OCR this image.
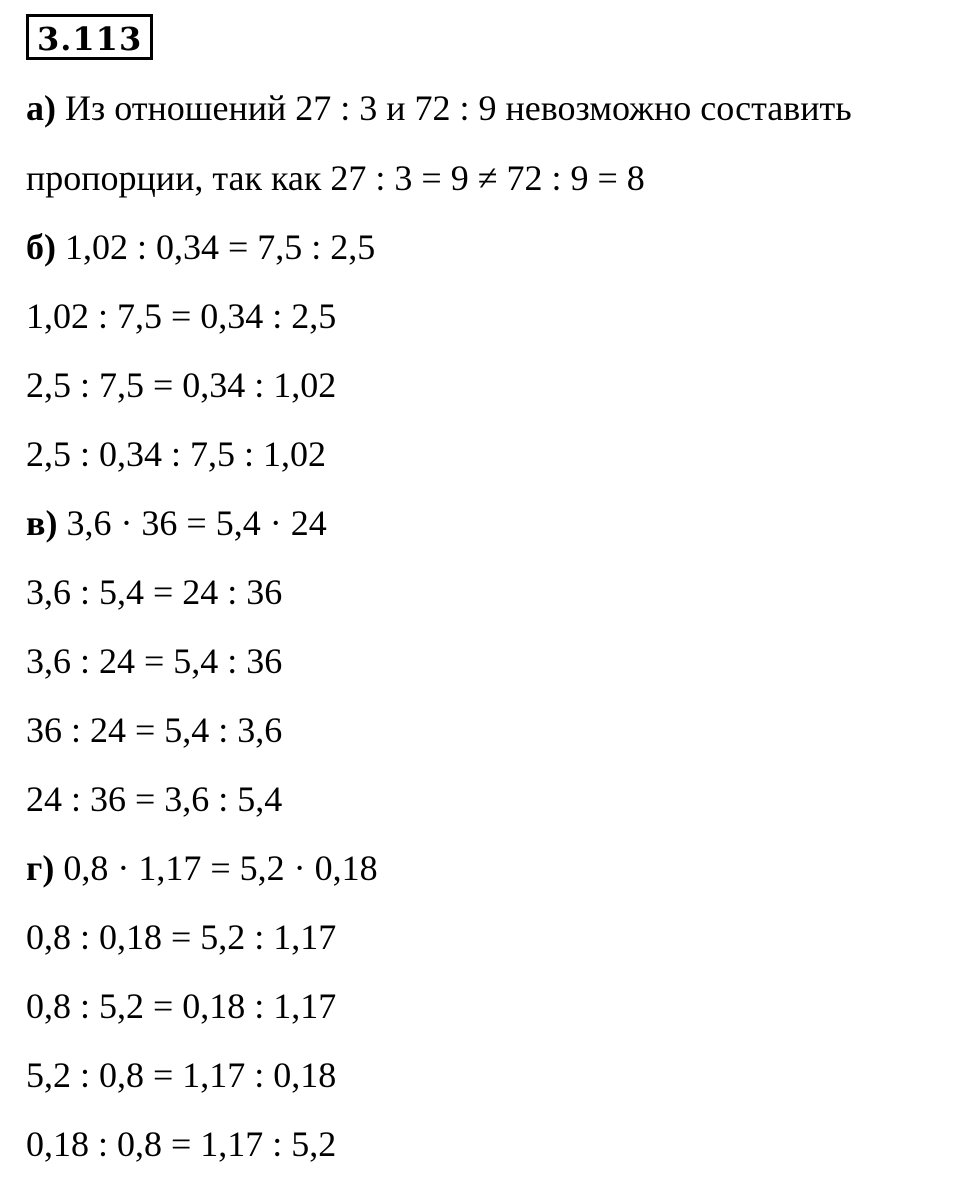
3.113
а) Из отношений 27 : 3 и 72 : 9 невозможно составить
пропорции, так как 27 : 3 = 9 ≠ 72 : 9 = 8
б) 1,02 : 0,34 = 7,5 : 2,5
1,02 : 7,5 = 0,34 : 2,5
2,5 : 7,5 = 0,34 : 1,02
2,5 : 0,34 : 7,5 : 1,02
в) 3,6 · 36 = 5,4 · 24
3,6 : 5,4 = 24 : 36
3,6 : 24 = 5,4 : 36
36 : 24 = 5,4 : 3,6
24 : 36 = 3,6 : 5,4
г) 0,8 · 1,17 = 5,2 · 0,18
0,8 : 0,18 = 5,2 : 1,17
0,8 : 5,2 = 0,18 : 1,17
5,2 : 0,8 = 1,17 : 0,18
0,18 : 0,8 = 1,17 : 5,2
